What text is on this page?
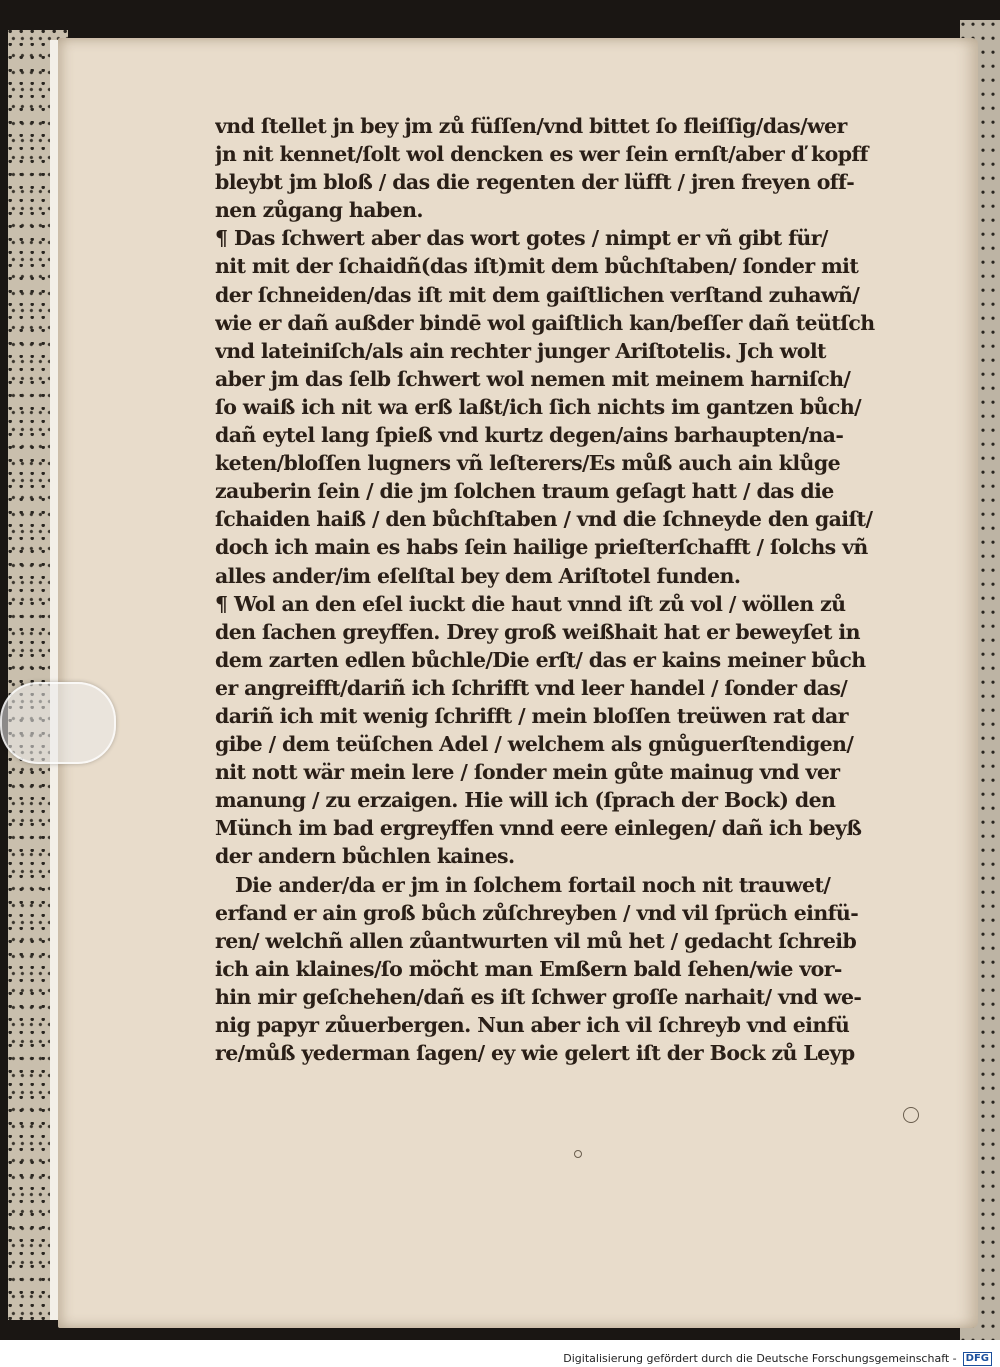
vnd ſtellet jn bey jm zů füſſen/vnd bittet ſo fleiſſig/das/wer
jn nit kennet/ſolt wol dencken es wer ſein ernſt/aber ď kopff
bleybt jm bloß / das die regenten der lüfft / jren freyen off‑
nen zůgang haben.
¶ Das ſchwert aber das wort gotes / nimpt er vñ gibt für/
nit mit der ſchaidñ(das iſt)mit dem bůchſtaben/ ſonder mit
der ſchneiden/das iſt mit dem gaiſtlichen verſtand zuhawñ/
wie er dañ außder bindē wol gaiſtlich kan/beſſer dañ teütſch
vnd lateiniſch/als ain rechter junger Ariſtotelis. Jch wolt
aber jm das ſelb ſchwert wol nemen mit meinem harniſch/
ſo waiß ich nit wa erß laßt/ich ſich nichts im gantzen bůch/
dañ eytel lang ſpieß vnd kurtz degen/ains barhaupten/na‑
keten/bloſſen lugners vñ leſterers/Es můß auch ain klůge
zauberin ſein / die jm ſolchen traum geſagt hatt / das die
ſchaiden haiß / den bůchſtaben / vnd die ſchneyde den gaiſt/
doch ich main es habs ſein hailige prieſterſchafft / ſolchs vñ
alles ander/im eſelſtal bey dem Ariſtotel funden.
¶ Wol an den eſel iuckt die haut vnnd iſt zů vol / wöllen zů
den ſachen greyffen. Drey groß weißhait hat er beweyſet in
dem zarten edlen bůchle/Die erſt/ das er kains meiner bůch
er angreifft/dariñ ich ſchrifft vnd leer handel / ſonder das/
dariñ ich mit wenig ſchrifft / mein bloſſen treüwen rat dar
gibe / dem teüſchen Adel / welchem als gnůguerſtendigen/
nit nott wär mein lere / ſonder mein gůte mainug vnd ver
manung / zu erzaigen. Hie will ich (ſprach der Bock) den
Münch im bad ergreyffen vnnd eere einlegen/ dañ ich beyß
der andern bůchlen kaines.
Die ander/da er jm in ſolchem fortail noch nit trauwet/
erfand er ain groß bůch zůſchreyben / vnd vil ſprüch einfü‑
ren/ welchñ allen zůantwurten vil mů het / gedacht ſchreib
ich ain klaines/ſo möcht man Emßern bald ſehen/wie vor‑
hin mir geſchehen/dañ es iſt ſchwer groſſe narhait/ vnd we‑
nig papyr zůuerbergen. Nun aber ich vil ſchreyb vnd einfü
re/můß yederman ſagen/ ey wie gelert iſt der Bock zů Leyp
Digitalisierung gefördert durch die Deutsche Forschungsgemeinschaft - DFG
